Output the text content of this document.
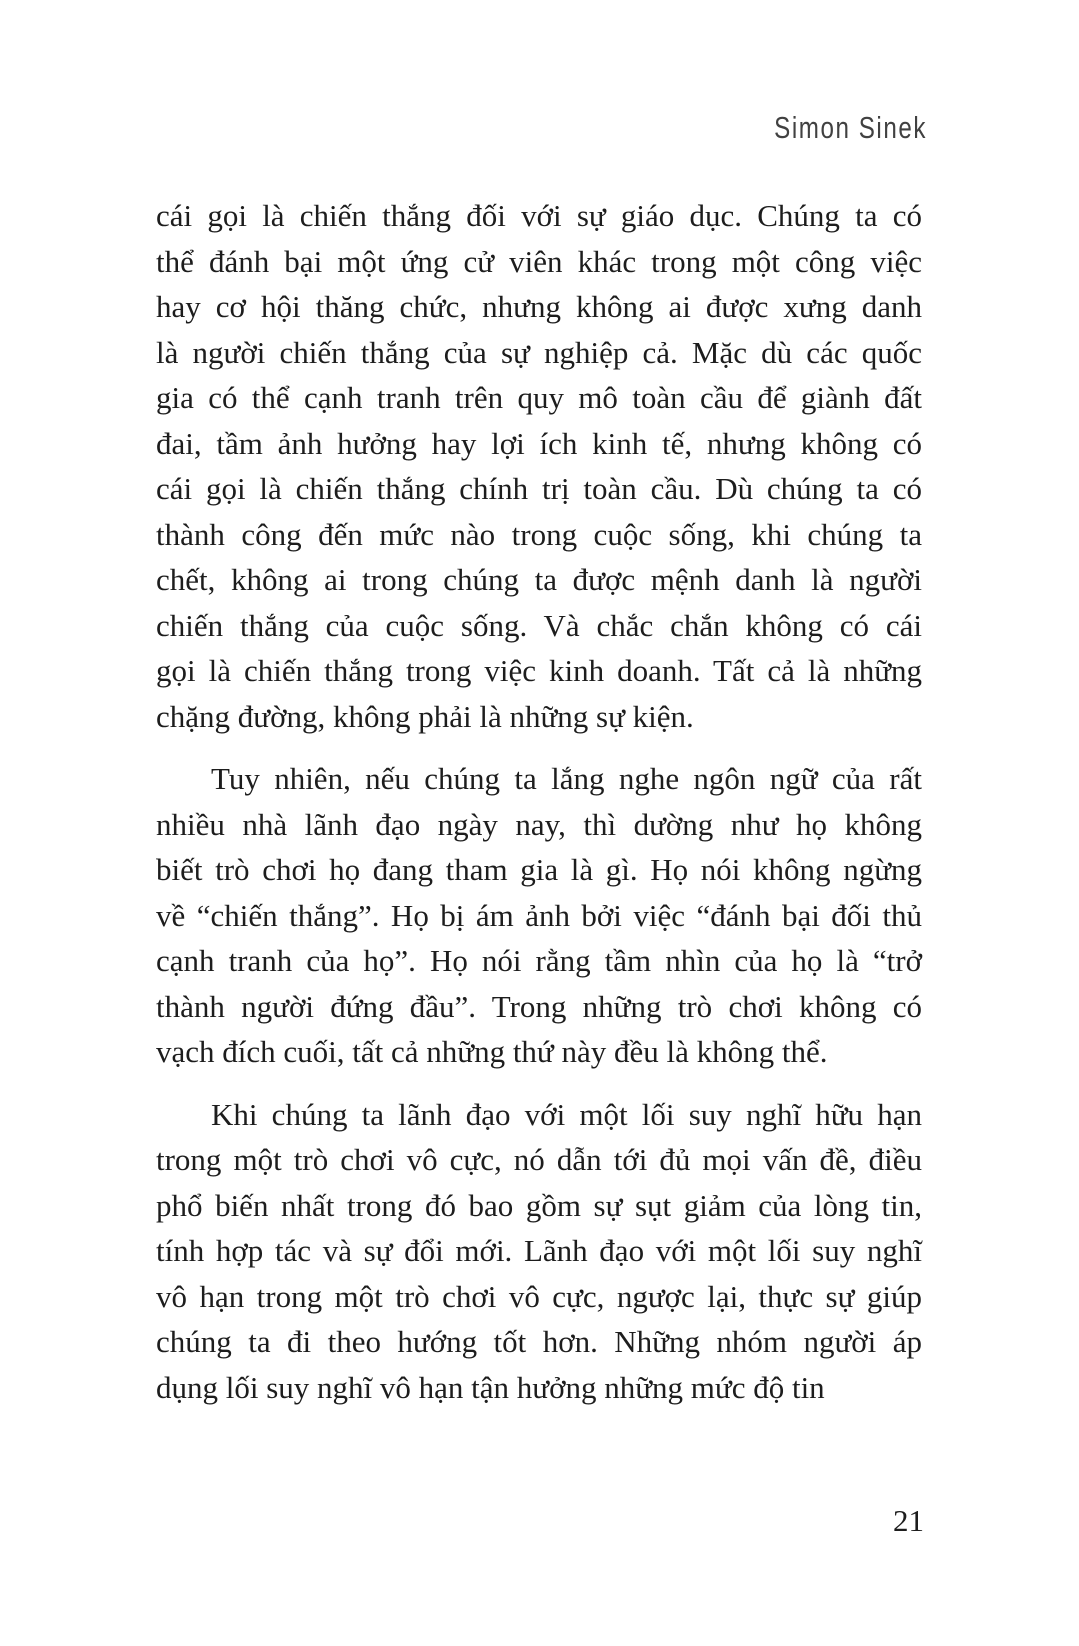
Simon Sinek
cái gọi là chiến thắng đối với sự giáo dục. Chúng ta có
thể đánh bại một ứng cử viên khác trong một công việc
hay cơ hội thăng chức, nhưng không ai được xưng danh
là người chiến thắng của sự nghiệp cả. Mặc dù các quốc
gia có thể cạnh tranh trên quy mô toàn cầu để giành đất
đai, tầm ảnh hưởng hay lợi ích kinh tế, nhưng không có
cái gọi là chiến thắng chính trị toàn cầu. Dù chúng ta có
thành công đến mức nào trong cuộc sống, khi chúng ta
chết, không ai trong chúng ta được mệnh danh là người
chiến thắng của cuộc sống. Và chắc chắn không có cái
gọi là chiến thắng trong việc kinh doanh. Tất cả là những
chặng đường, không phải là những sự kiện.
Tuy nhiên, nếu chúng ta lắng nghe ngôn ngữ của rất
nhiều nhà lãnh đạo ngày nay, thì dường như họ không
biết trò chơi họ đang tham gia là gì. Họ nói không ngừng
về “chiến thắng”. Họ bị ám ảnh bởi việc “đánh bại đối thủ
cạnh tranh của họ”. Họ nói rằng tầm nhìn của họ là “trở
thành người đứng đầu”. Trong những trò chơi không có
vạch đích cuối, tất cả những thứ này đều là không thể.
Khi chúng ta lãnh đạo với một lối suy nghĩ hữu hạn
trong một trò chơi vô cực, nó dẫn tới đủ mọi vấn đề, điều
phổ biến nhất trong đó bao gồm sự sụt giảm của lòng tin,
tính hợp tác và sự đổi mới. Lãnh đạo với một lối suy nghĩ
vô hạn trong một trò chơi vô cực, ngược lại, thực sự giúp
chúng ta đi theo hướng tốt hơn. Những nhóm người áp
dụng lối suy nghĩ vô hạn tận hưởng những mức độ tin
21
